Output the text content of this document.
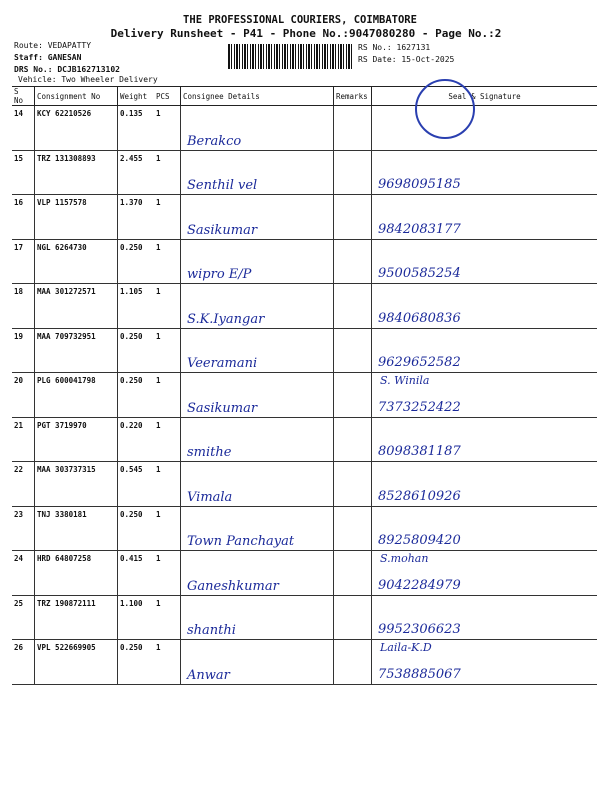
THE PROFESSIONAL COURIERS, COIMBATORE
Delivery Runsheet - P41 - Phone No.:9047080280 - Page No.:2
Route: VEDAPATTY
Staff: GANESAN
DRS No.: DCJB162713102
Vehicle: Two Wheeler Delivery
RS No.: 1627131
RS Date: 15-Oct-2025
S No	Consignment No	Weight	PCS	Consignee Details	Remarks	Seal & Signature
14	KCY 62210526	0.135	1	Berakco		

15	TRZ 131308893	2.455	1	Senthil vel		9698095185

16	VLP 1157578	1.370	1	Sasikumar		9842083177

17	NGL 6264730	0.250	1	wipro E/P		9500585254

18	MAA 301272571	1.105	1	S.K.Iyangar		9840680836

19	MAA 709732951	0.250	1	Veeramani		9629652582

20	PLG 600041798	0.250	1	Sasikumar		S. Winila
7373252422

21	PGT 3719970	0.220	1	smithe		8098381187

22	MAA 303737315	0.545	1	Vimala		8528610926

23	TNJ 3380181	0.250	1	Town Panchayat		8925809420

24	HRD 64807258	0.415	1	Ganeshkumar		S.mohan
9042284979

25	TRZ 190872111	1.100	1	shanthi		9952306623

26	VPL 522669905	0.250	1	Anwar		Laila-K.D
7538885067
